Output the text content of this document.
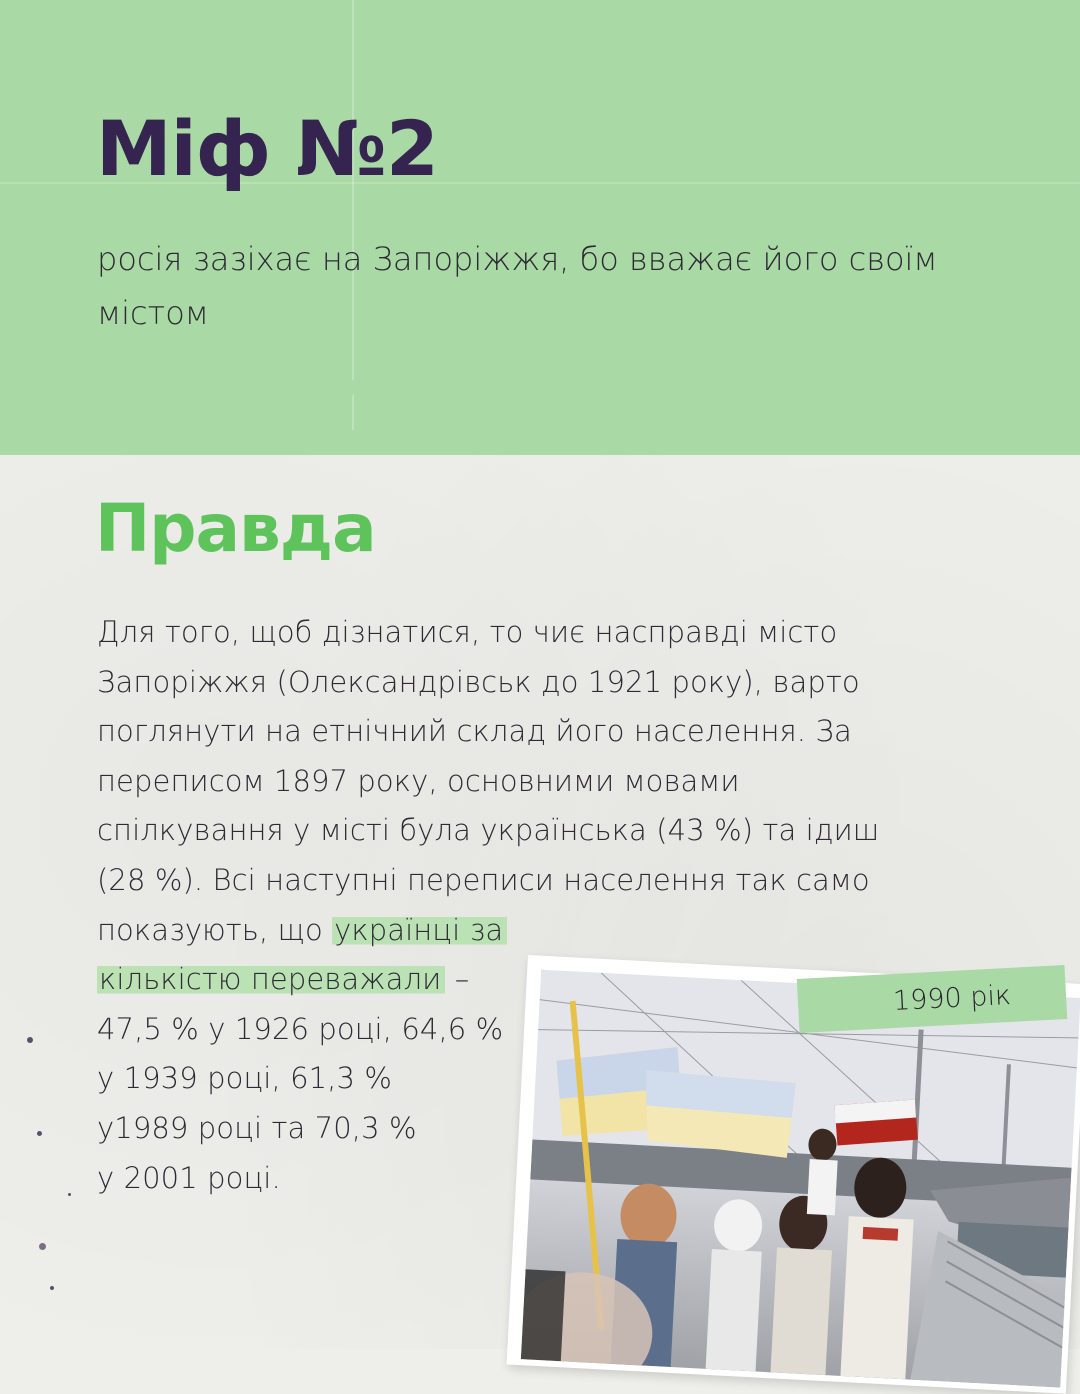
Міф №2

росія зазіхає на Запоріжжя, бо вважає його своїм містом

Правда
Для того, щоб дізнатися, то чиє насправді місто
Запоріжжя (Олександрівськ до 1921 року), варто
поглянути на етнічний склад його населення. За
переписом 1897 року, основними мовами
спілкування у місті була українська (43 %) та ідиш
(28 %). Всі наступні переписи населення так само
показують, що українці за
кількістю переважали –
47,5 % у 1926 році, 64,6 %
у 1939 році, 61,3 %
у1989 році та 70,3 %
у 2001 році.
1990 рік
